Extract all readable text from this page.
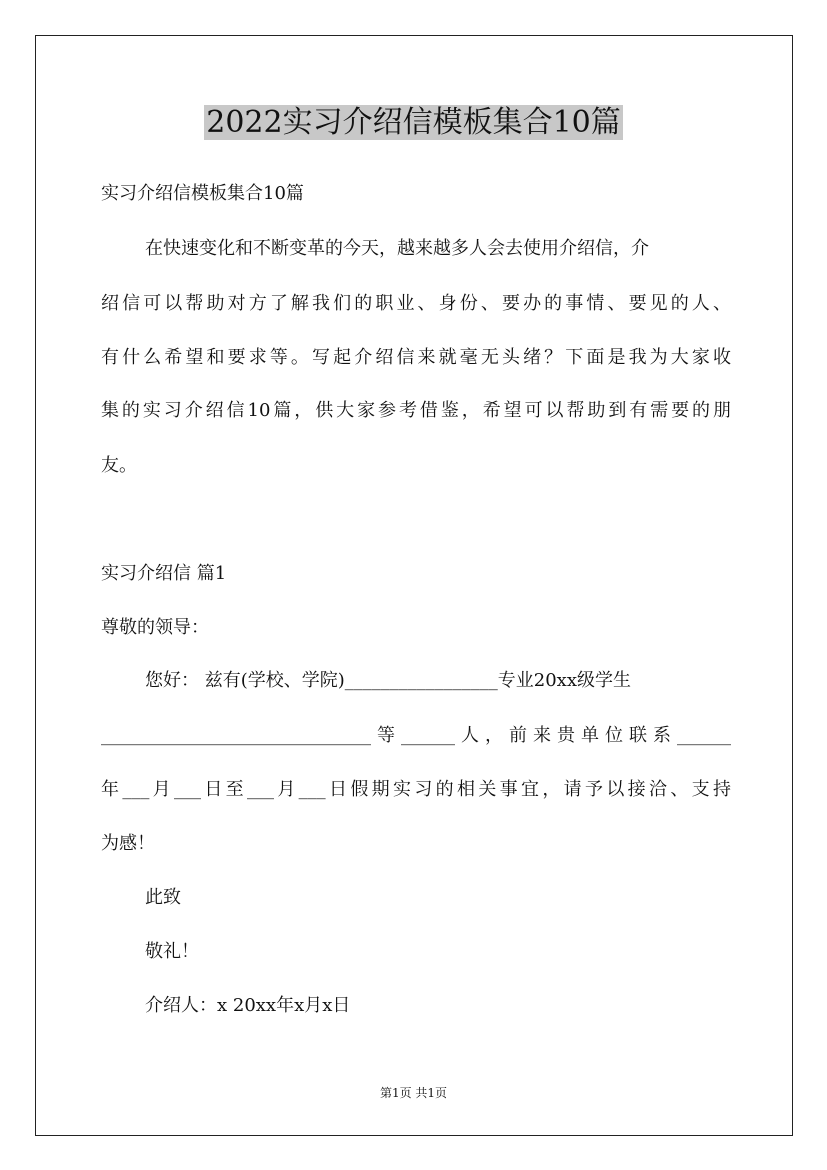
2022实习介绍信模板集合10篇
实习介绍信模板集合10篇
在快速变化和不断变革的今天，越来越多人会去使用介绍信，介
绍信可以帮助对方了解我们的职业、身份、要办的事情、要见的人、
有什么希望和要求等。写起介绍信来就毫无头绪？下面是我为大家收
集的实习介绍信10篇，供大家参考借鉴，希望可以帮助到有需要的朋
友。
实习介绍信 篇1
尊敬的领导：
您好： 兹有(学校、学院)_________________专业20xx级学生
______________________________等______人，前来贵单位联系______
年___月___日至___月___日假期实习的相关事宜，请予以接洽、支持
为感！
此致
敬礼！
介绍人：x 20xx年x月x日
第1页 共1页
